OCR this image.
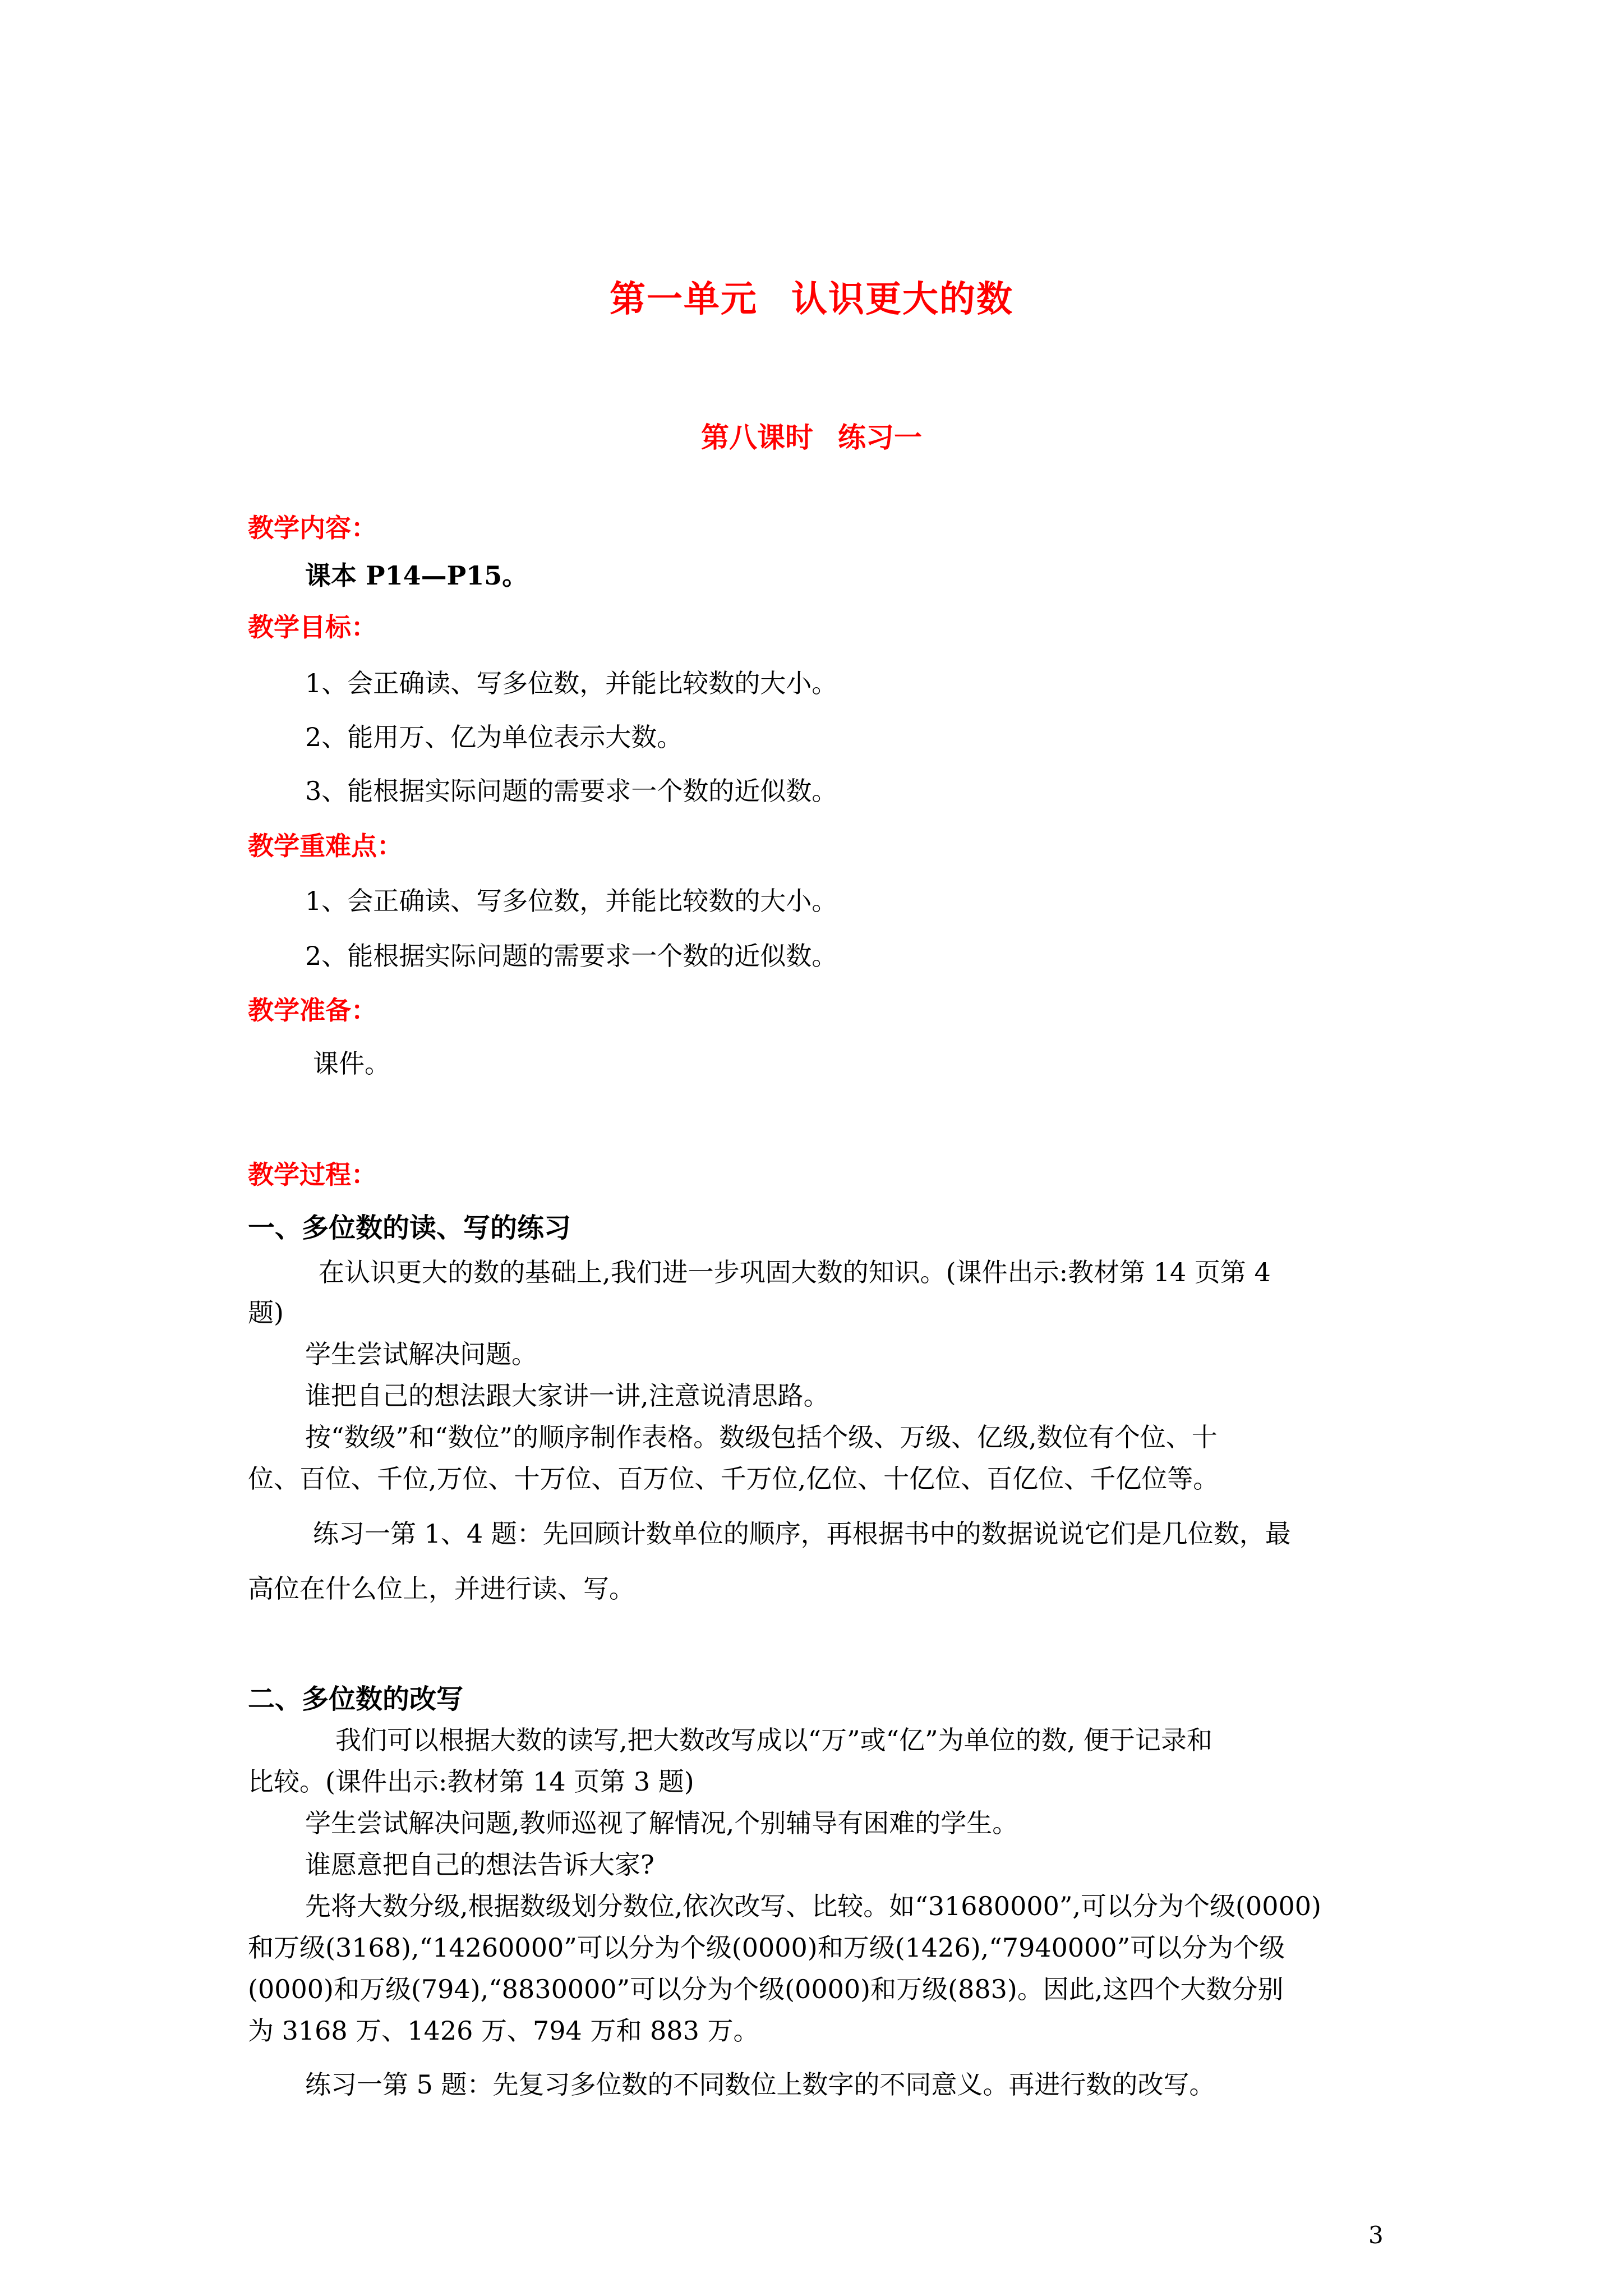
第一单元 认识更大的数
第八课时 练习一
教学内容：
课本 P14—P15。
教学目标：
1、会正确读、写多位数，并能比较数的大小。
2、能用万、亿为单位表示大数。
3、能根据实际问题的需要求一个数的近似数。
教学重难点：
1、会正确读、写多位数，并能比较数的大小。
2、能根据实际问题的需要求一个数的近似数。
教学准备：
课件。
教学过程：
一、多位数的读、写的练习
在认识更大的数的基础上,我们进一步巩固大数的知识。(课件出示:教材第 14 页第 4
题)
学生尝试解决问题。
谁把自己的想法跟大家讲一讲,注意说清思路。
按“数级”和“数位”的顺序制作表格。数级包括个级、万级、亿级,数位有个位、十
位、百位、千位,万位、十万位、百万位、千万位,亿位、十亿位、百亿位、千亿位等。
练习一第 1、4 题：先回顾计数单位的顺序，再根据书中的数据说说它们是几位数，最
高位在什么位上，并进行读、写。
二、多位数的改写
我们可以根据大数的读写,把大数改写成以“万”或“亿”为单位的数, 便于记录和
比较。(课件出示:教材第 14 页第 3 题)
学生尝试解决问题,教师巡视了解情况,个别辅导有困难的学生。
谁愿意把自己的想法告诉大家?
先将大数分级,根据数级划分数位,依次改写、比较。如“31680000”,可以分为个级(0000)
和万级(3168),“14260000”可以分为个级(0000)和万级(1426),“7940000”可以分为个级
(0000)和万级(794),“8830000”可以分为个级(0000)和万级(883)。因此,这四个大数分别
为 3168 万、1426 万、794 万和 883 万。
练习一第 5 题：先复习多位数的不同数位上数字的不同意义。再进行数的改写。
3
